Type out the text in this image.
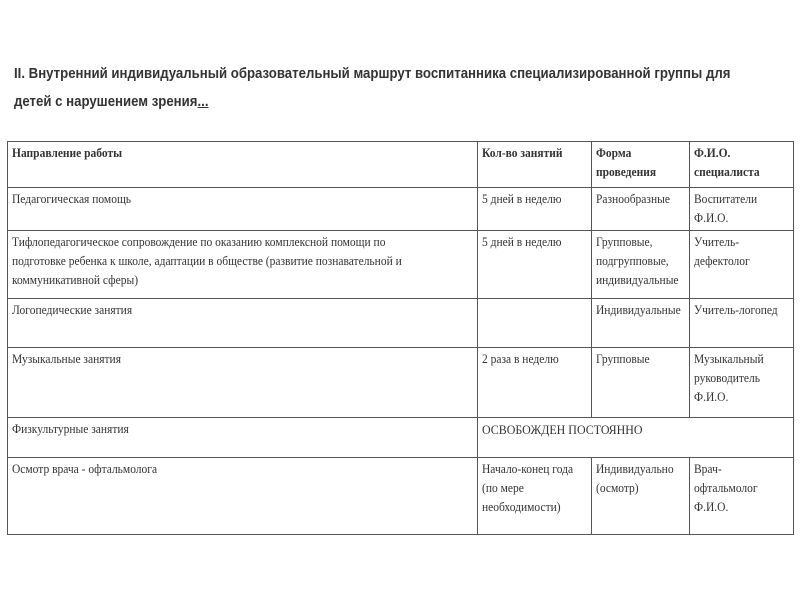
II. Внутренний индивидуальный образовательный маршрут воспитанника специализированной группы для
детей с нарушением зрения...
Направление работы	Кол-во занятий	Форма проведения	Ф.И.О. специалиста

Педагогическая помощь	5 дней в неделю	Разнообразные	Воспитатели Ф.И.О.

Тифлопедагогическое сопровождение по оказанию комплексной помощи по подготовке ребенка к школе, адаптации в обществе (развитие познавательной и коммуникативной сферы)	5 дней в неделю	Групповые, подгрупповые, индивидуальные	Учитель-дефектолог

Логопедические занятия		Индивидуальные	Учитель-логопед

Музыкальные занятия	2 раза в неделю	Групповые	Музыкальный руководитель Ф.И.О.

Физкультурные занятия	ОСВОБОЖДЕН ПОСТОЯННО		

Осмотр врача - офтальмолога	Начало-конец года (по мере необходимости)	Индивидуально (осмотр)	Врач-офтальмолог Ф.И.О.
